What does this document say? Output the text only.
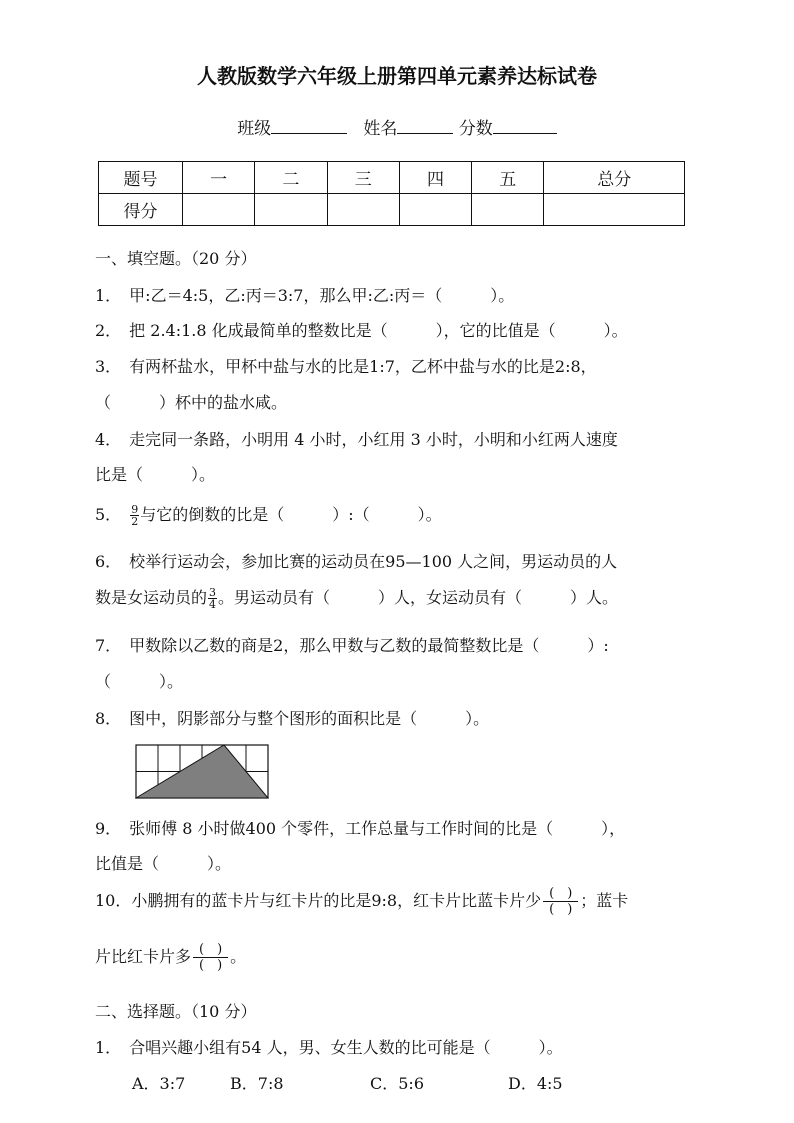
人教版数学六年级上册第四单元素养达标试卷
班级	姓名	分数
题号	一	二	三	四	五	总分
得分						
一、填空题。（20 分）
1．　甲:乙＝4:5，乙:丙＝3:7，那么甲:乙:丙＝（　　　）。
2．　把 2.4:1.8 化成最简单的整数比是（　　　），它的比值是（　　　）。
3．　有两杯盐水，甲杯中盐与水的比是1:7，乙杯中盐与水的比是2:8，
（　　　）杯中的盐水咸。
4．　走完同一条路，小明用 4 小时，小红用 3 小时，小明和小红两人速度
比是（　　　）。
5．　 $\frac{9}{2}$ 与它的倒数的比是（　　　）:（　　　）。
6．　校举行运动会，参加比赛的运动员在95—100 人之间，男运动员的人
数是女运动员的 $\frac{3}{4}$ 。男运动员有（　　　）人，女运动员有（　　　）人。
7．　甲数除以乙数的商是2，那么甲数与乙数的最简整数比是（　　　）:
（　　　）。
8．　图中，阴影部分与整个图形的面积比是（　　　）。
9．　张师傅 8 小时做400 个零件，工作总量与工作时间的比是（　　　），
比值是（　　　）。
10．小鹏拥有的蓝卡片与红卡片的比是9:8，红卡片比蓝卡片少 $\frac{( )}{( )}$ ；蓝卡
片比红卡片多 $\frac{( )}{( )}$ 。
二、选择题。（10 分）
1．　合唱兴趣小组有54 人，男、女生人数的比可能是（　　　）。
A．3:7	B．7:8	C．5:6	D．4:5
